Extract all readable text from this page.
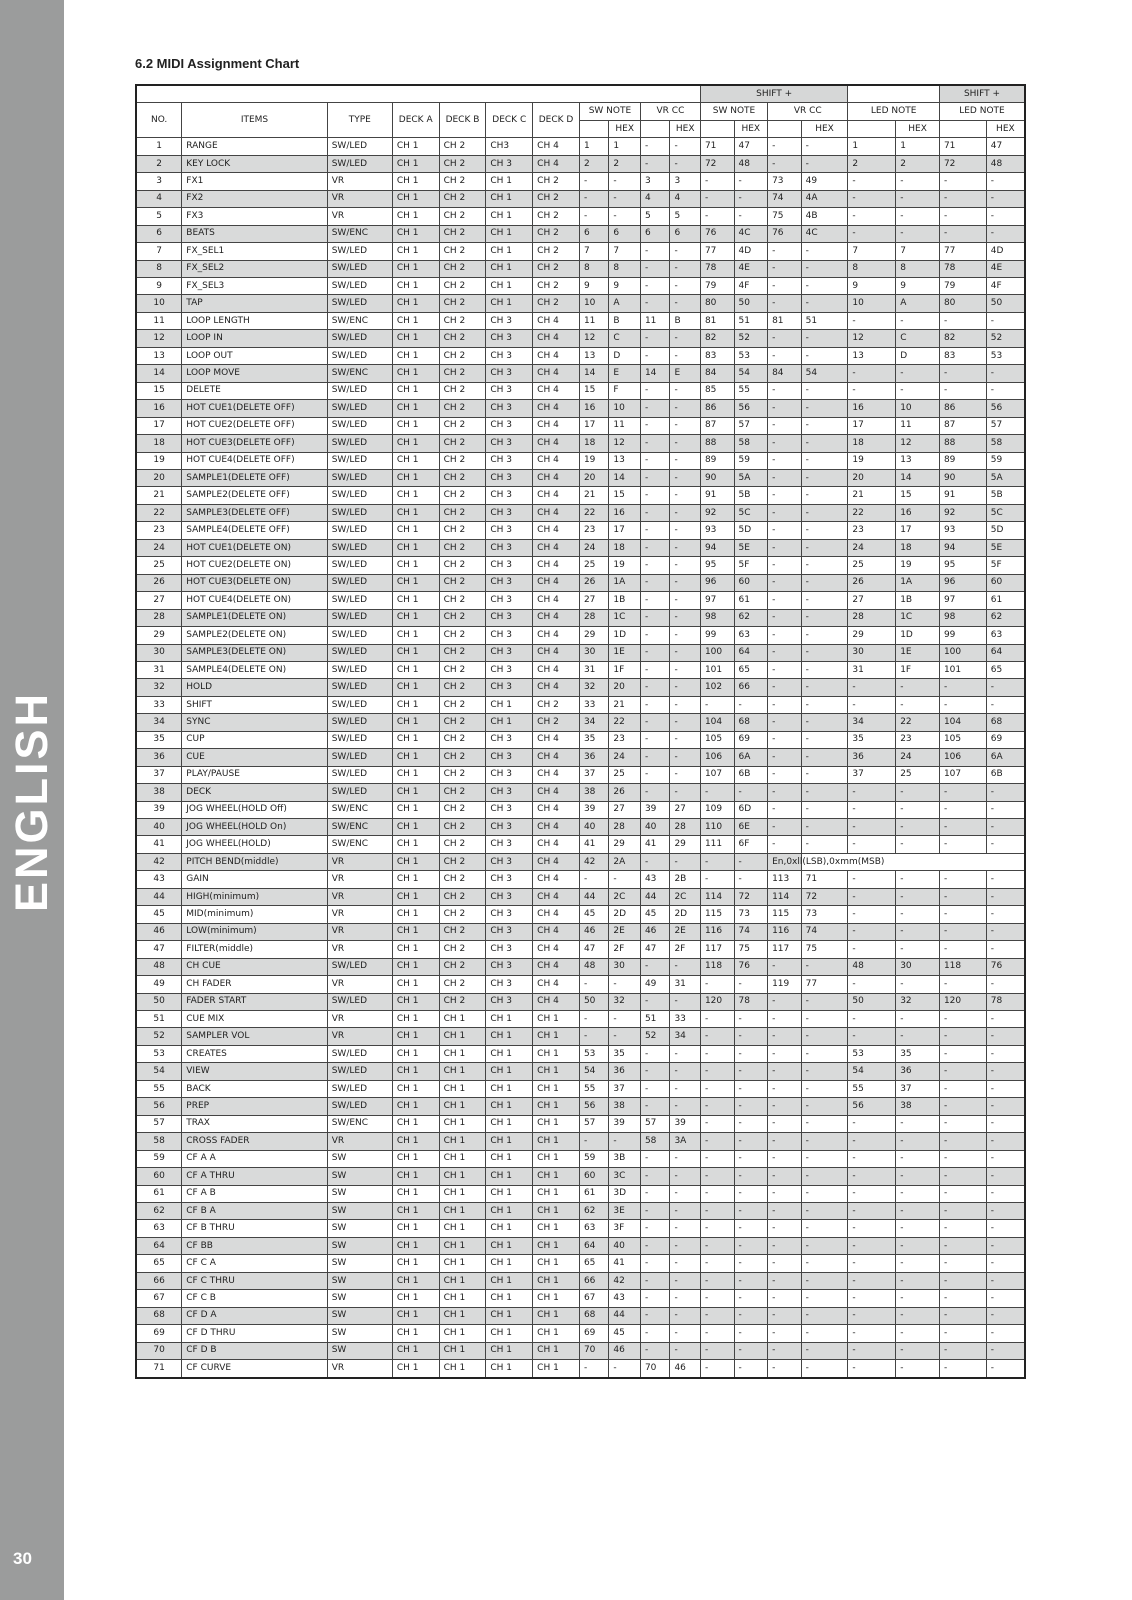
ENGLISH
30
6.2 MIDI Assignment Chart
											SHIFT +						SHIFT +	
NO.	ITEMS	TYPE	DECK A	DECK B	DECK C	DECK D	SW NOTE		VR CC		SW NOTE		VR CC		LED NOTE		LED NOTE	
								HEX		HEX		HEX		HEX		HEX		HEX
1	RANGE	SW/LED	CH 1	CH 2	CH3	CH 4	1	1	-	-	71	47	-	-	1	1	71	47
2	KEY LOCK	SW/LED	CH 1	CH 2	CH 3	CH 4	2	2	-	-	72	48	-	-	2	2	72	48
3	FX1	VR	CH 1	CH 2	CH 1	CH 2	-	-	3	3	-	-	73	49	-	-	-	-
4	FX2	VR	CH 1	CH 2	CH 1	CH 2	-	-	4	4	-	-	74	4A	-	-	-	-
5	FX3	VR	CH 1	CH 2	CH 1	CH 2	-	-	5	5	-	-	75	4B	-	-	-	-
6	BEATS	SW/ENC	CH 1	CH 2	CH 1	CH 2	6	6	6	6	76	4C	76	4C	-	-	-	-
7	FX_SEL1	SW/LED	CH 1	CH 2	CH 1	CH 2	7	7	-	-	77	4D	-	-	7	7	77	4D
8	FX_SEL2	SW/LED	CH 1	CH 2	CH 1	CH 2	8	8	-	-	78	4E	-	-	8	8	78	4E
9	FX_SEL3	SW/LED	CH 1	CH 2	CH 1	CH 2	9	9	-	-	79	4F	-	-	9	9	79	4F
10	TAP	SW/LED	CH 1	CH 2	CH 1	CH 2	10	A	-	-	80	50	-	-	10	A	80	50
11	LOOP LENGTH	SW/ENC	CH 1	CH 2	CH 3	CH 4	11	B	11	B	81	51	81	51	-	-	-	-
12	LOOP IN	SW/LED	CH 1	CH 2	CH 3	CH 4	12	C	-	-	82	52	-	-	12	C	82	52
13	LOOP OUT	SW/LED	CH 1	CH 2	CH 3	CH 4	13	D	-	-	83	53	-	-	13	D	83	53
14	LOOP MOVE	SW/ENC	CH 1	CH 2	CH 3	CH 4	14	E	14	E	84	54	84	54	-	-	-	-
15	DELETE	SW/LED	CH 1	CH 2	CH 3	CH 4	15	F	-	-	85	55	-	-	-	-	-	-
16	HOT CUE1(DELETE OFF)	SW/LED	CH 1	CH 2	CH 3	CH 4	16	10	-	-	86	56	-	-	16	10	86	56
17	HOT CUE2(DELETE OFF)	SW/LED	CH 1	CH 2	CH 3	CH 4	17	11	-	-	87	57	-	-	17	11	87	57
18	HOT CUE3(DELETE OFF)	SW/LED	CH 1	CH 2	CH 3	CH 4	18	12	-	-	88	58	-	-	18	12	88	58
19	HOT CUE4(DELETE OFF)	SW/LED	CH 1	CH 2	CH 3	CH 4	19	13	-	-	89	59	-	-	19	13	89	59
20	SAMPLE1(DELETE OFF)	SW/LED	CH 1	CH 2	CH 3	CH 4	20	14	-	-	90	5A	-	-	20	14	90	5A
21	SAMPLE2(DELETE OFF)	SW/LED	CH 1	CH 2	CH 3	CH 4	21	15	-	-	91	5B	-	-	21	15	91	5B
22	SAMPLE3(DELETE OFF)	SW/LED	CH 1	CH 2	CH 3	CH 4	22	16	-	-	92	5C	-	-	22	16	92	5C
23	SAMPLE4(DELETE OFF)	SW/LED	CH 1	CH 2	CH 3	CH 4	23	17	-	-	93	5D	-	-	23	17	93	5D
24	HOT CUE1(DELETE ON)	SW/LED	CH 1	CH 2	CH 3	CH 4	24	18	-	-	94	5E	-	-	24	18	94	5E
25	HOT CUE2(DELETE ON)	SW/LED	CH 1	CH 2	CH 3	CH 4	25	19	-	-	95	5F	-	-	25	19	95	5F
26	HOT CUE3(DELETE ON)	SW/LED	CH 1	CH 2	CH 3	CH 4	26	1A	-	-	96	60	-	-	26	1A	96	60
27	HOT CUE4(DELETE ON)	SW/LED	CH 1	CH 2	CH 3	CH 4	27	1B	-	-	97	61	-	-	27	1B	97	61
28	SAMPLE1(DELETE ON)	SW/LED	CH 1	CH 2	CH 3	CH 4	28	1C	-	-	98	62	-	-	28	1C	98	62
29	SAMPLE2(DELETE ON)	SW/LED	CH 1	CH 2	CH 3	CH 4	29	1D	-	-	99	63	-	-	29	1D	99	63
30	SAMPLE3(DELETE ON)	SW/LED	CH 1	CH 2	CH 3	CH 4	30	1E	-	-	100	64	-	-	30	1E	100	64
31	SAMPLE4(DELETE ON)	SW/LED	CH 1	CH 2	CH 3	CH 4	31	1F	-	-	101	65	-	-	31	1F	101	65
32	HOLD	SW/LED	CH 1	CH 2	CH 3	CH 4	32	20	-	-	102	66	-	-	-	-	-	-
33	SHIFT	SW/LED	CH 1	CH 2	CH 1	CH 2	33	21	-	-	-	-	-	-	-	-	-	-
34	SYNC	SW/LED	CH 1	CH 2	CH 1	CH 2	34	22	-	-	104	68	-	-	34	22	104	68
35	CUP	SW/LED	CH 1	CH 2	CH 3	CH 4	35	23	-	-	105	69	-	-	35	23	105	69
36	CUE	SW/LED	CH 1	CH 2	CH 3	CH 4	36	24	-	-	106	6A	-	-	36	24	106	6A
37	PLAY/PAUSE	SW/LED	CH 1	CH 2	CH 3	CH 4	37	25	-	-	107	6B	-	-	37	25	107	6B
38	DECK	SW/LED	CH 1	CH 2	CH 3	CH 4	38	26	-	-	-	-	-	-	-	-	-	-
39	JOG WHEEL(HOLD Off)	SW/ENC	CH 1	CH 2	CH 3	CH 4	39	27	39	27	109	6D	-	-	-	-	-	-
40	JOG WHEEL(HOLD On)	SW/ENC	CH 1	CH 2	CH 3	CH 4	40	28	40	28	110	6E	-	-	-	-	-	-
41	JOG WHEEL(HOLD)	SW/ENC	CH 1	CH 2	CH 3	CH 4	41	29	41	29	111	6F	-	-	-	-	-	-
42	PITCH BEND(middle)	VR	CH 1	CH 2	CH 3	CH 4	42	2A	-	-	-	-	En,0xll(LSB),0xmm(MSB)					
43	GAIN	VR	CH 1	CH 2	CH 3	CH 4	-	-	43	2B	-	-	113	71	-	-	-	-
44	HIGH(minimum)	VR	CH 1	CH 2	CH 3	CH 4	44	2C	44	2C	114	72	114	72	-	-	-	-
45	MID(minimum)	VR	CH 1	CH 2	CH 3	CH 4	45	2D	45	2D	115	73	115	73	-	-	-	-
46	LOW(minimum)	VR	CH 1	CH 2	CH 3	CH 4	46	2E	46	2E	116	74	116	74	-	-	-	-
47	FILTER(middle)	VR	CH 1	CH 2	CH 3	CH 4	47	2F	47	2F	117	75	117	75	-	-	-	-
48	CH CUE	SW/LED	CH 1	CH 2	CH 3	CH 4	48	30	-	-	118	76	-	-	48	30	118	76
49	CH FADER	VR	CH 1	CH 2	CH 3	CH 4	-	-	49	31	-	-	119	77	-	-	-	-
50	FADER START	SW/LED	CH 1	CH 2	CH 3	CH 4	50	32	-	-	120	78	-	-	50	32	120	78
51	CUE MIX	VR	CH 1	CH 1	CH 1	CH 1	-	-	51	33	-	-	-	-	-	-	-	-
52	SAMPLER VOL	VR	CH 1	CH 1	CH 1	CH 1	-	-	52	34	-	-	-	-	-	-	-	-
53	CREATES	SW/LED	CH 1	CH 1	CH 1	CH 1	53	35	-	-	-	-	-	-	53	35	-	-
54	VIEW	SW/LED	CH 1	CH 1	CH 1	CH 1	54	36	-	-	-	-	-	-	54	36	-	-
55	BACK	SW/LED	CH 1	CH 1	CH 1	CH 1	55	37	-	-	-	-	-	-	55	37	-	-
56	PREP	SW/LED	CH 1	CH 1	CH 1	CH 1	56	38	-	-	-	-	-	-	56	38	-	-
57	TRAX	SW/ENC	CH 1	CH 1	CH 1	CH 1	57	39	57	39	-	-	-	-	-	-	-	-
58	CROSS FADER	VR	CH 1	CH 1	CH 1	CH 1	-	-	58	3A	-	-	-	-	-	-	-	-
59	CF A A	SW	CH 1	CH 1	CH 1	CH 1	59	3B	-	-	-	-	-	-	-	-	-	-
60	CF A THRU	SW	CH 1	CH 1	CH 1	CH 1	60	3C	-	-	-	-	-	-	-	-	-	-
61	CF A B	SW	CH 1	CH 1	CH 1	CH 1	61	3D	-	-	-	-	-	-	-	-	-	-
62	CF B A	SW	CH 1	CH 1	CH 1	CH 1	62	3E	-	-	-	-	-	-	-	-	-	-
63	CF B THRU	SW	CH 1	CH 1	CH 1	CH 1	63	3F	-	-	-	-	-	-	-	-	-	-
64	CF BB	SW	CH 1	CH 1	CH 1	CH 1	64	40	-	-	-	-	-	-	-	-	-	-
65	CF C A	SW	CH 1	CH 1	CH 1	CH 1	65	41	-	-	-	-	-	-	-	-	-	-
66	CF C THRU	SW	CH 1	CH 1	CH 1	CH 1	66	42	-	-	-	-	-	-	-	-	-	-
67	CF C B	SW	CH 1	CH 1	CH 1	CH 1	67	43	-	-	-	-	-	-	-	-	-	-
68	CF D A	SW	CH 1	CH 1	CH 1	CH 1	68	44	-	-	-	-	-	-	-	-	-	-
69	CF D THRU	SW	CH 1	CH 1	CH 1	CH 1	69	45	-	-	-	-	-	-	-	-	-	-
70	CF D B	SW	CH 1	CH 1	CH 1	CH 1	70	46	-	-	-	-	-	-	-	-	-	-
71	CF CURVE	VR	CH 1	CH 1	CH 1	CH 1	-	-	70	46	-	-	-	-	-	-	-	-
